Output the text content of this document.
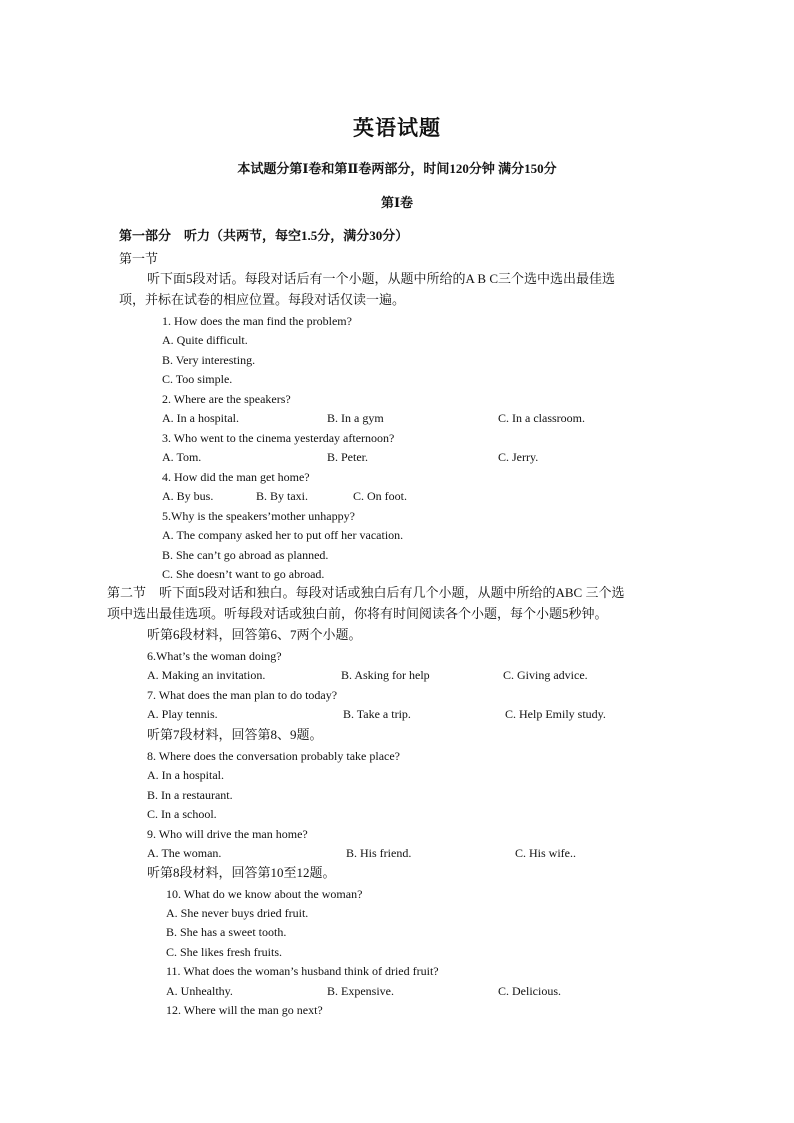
英语试题
本试题分第Ⅰ卷和第Ⅱ卷两部分，时间120分钟 满分150分
第Ⅰ卷
第一部分　听力（共两节，每空1.5分，满分30分）
第一节
听下面5段对话。每段对话后有一个小题，从题中所给的A B C三个选中选出最佳选
项，并标在试卷的相应位置。每段对话仅读一遍。
1. How does the man find the problem?
A. Quite difficult.
B. Very interesting.
C. Too simple.
2. Where are the speakers?
A. In a hospital.	B. In a gym	C. In a classroom.
3. Who went to the cinema yesterday afternoon?
A. Tom.	B. Peter.	C. Jerry.
4. How did the man get home?
A. By bus.	B. By taxi.	C. On foot.
5.Why is the speakers’mother unhappy?
A. The company asked her to put off her vacation.
B. She can’t go abroad as planned.
C. She doesn’t want to go abroad.
第二节　听下面5段对话和独白。每段对话或独白后有几个小题，从题中所给的ABC 三个选
项中选出最佳选项。听每段对话或独白前，你将有时间阅读各个小题，每个小题5秒钟。
听第6段材料，回答第6、7两个小题。
6.What’s the woman doing?
A. Making an invitation.	B. Asking for help	C. Giving advice.
7. What does the man plan to do today?
A. Play tennis.	B. Take a trip.	C. Help Emily study.
听第7段材料，回答第8、9题。
8. Where does the conversation probably take place?
A. In a hospital.
B. In a restaurant.
C. In a school.
9. Who will drive the man home?
A. The woman.	B. His friend.	C. His wife..
听第8段材料，回答第10至12题。
10. What do we know about the woman?
A. She never buys dried fruit.
B. She has a sweet tooth.
C. She likes fresh fruits.
11. What does the woman’s husband think of dried fruit?
A. Unhealthy.	B. Expensive.	C. Delicious.
12. Where will the man go next?
